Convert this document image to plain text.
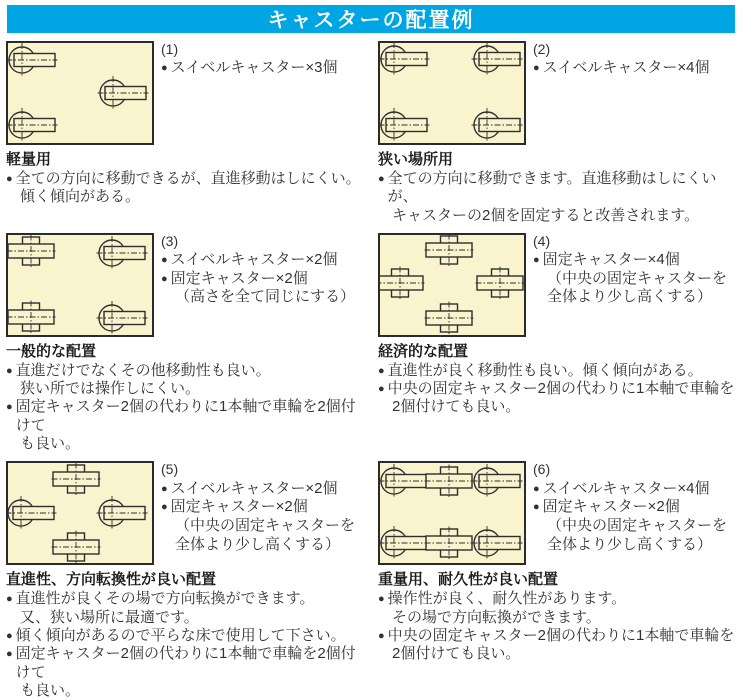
キャスターの配置例
(1)
● スイベルキャスター×3個
軽量用
● 全ての方向に移動できるが、直進移動はしにくい。
傾く傾向がある。
(2)
● スイベルキャスター×4個
狭い場所用
● 全ての方向に移動できます。直進移動はしにくいが、
キャスターの2個を固定すると改善されます。
(3)
● スイベルキャスター×2個
● 固定キャスター×2個
（高さを全て同じにする）
一般的な配置
● 直進だけでなくその他移動性も良い。
狭い所では操作しにくい。
● 固定キャスター2個の代わりに1本軸で車輪を2個付けて
も良い。
(4)
● 固定キャスター×4個
（中央の固定キャスターを
全体より少し高くする）
経済的な配置
● 直進性が良く移動性も良い。傾く傾向がある。
● 中央の固定キャスター2個の代わりに1本軸で車輪を
2個付けても良い。
(5)
● スイベルキャスター×2個
● 固定キャスター×2個
（中央の固定キャスターを
全体より少し高くする）
直進性、方向転換性が良い配置
● 直進性が良くその場で方向転換ができます。
又、狭い場所に最適です。
● 傾く傾向があるので平らな床で使用して下さい。
● 固定キャスター2個の代わりに1本軸で車輪を2個付けて
も良い。
(6)
● スイベルキャスター×4個
● 固定キャスター×2個
（中央の固定キャスターを
全体より少し高くする）
重量用、耐久性が良い配置
● 操作性が良く、耐久性があります。
その場で方向転換ができます。
● 中央の固定キャスター2個の代わりに1本軸で車輪を
2個付けても良い。
